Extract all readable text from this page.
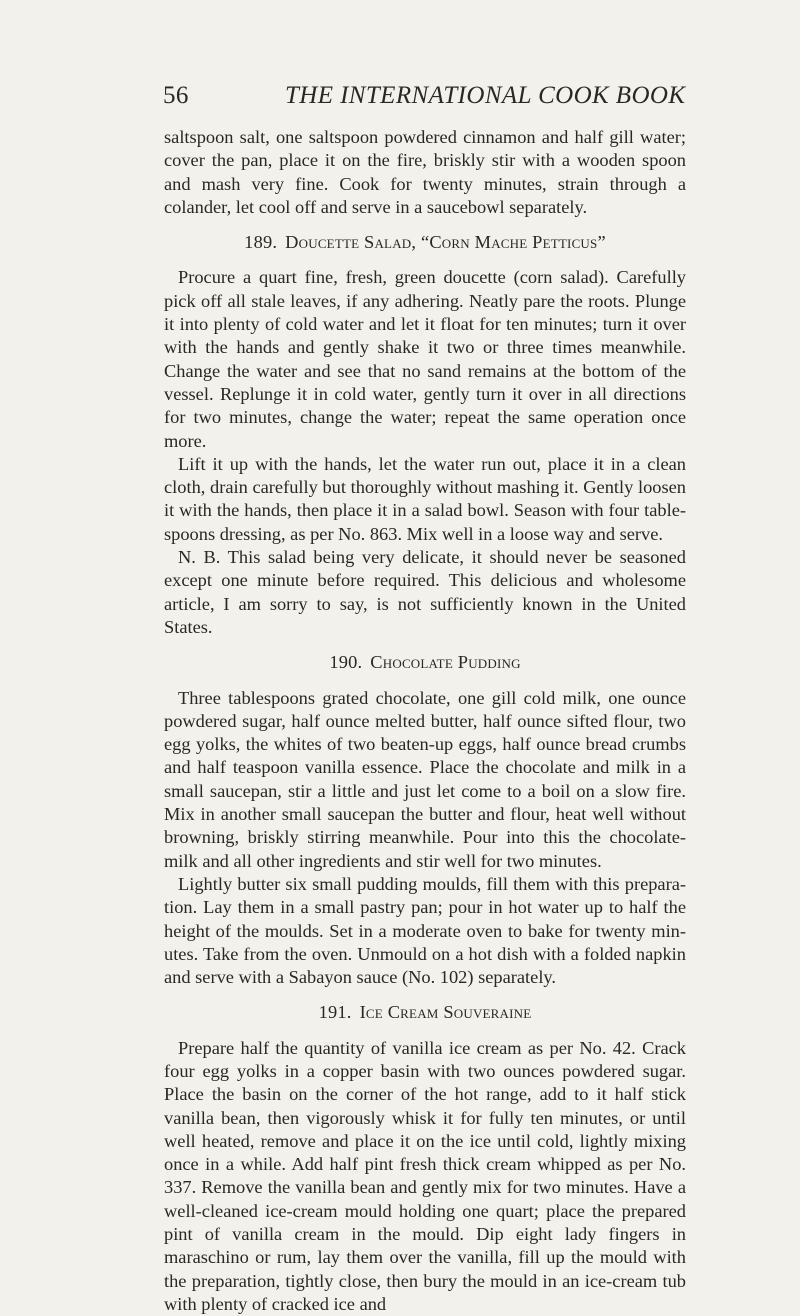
56	THE INTERNATIONAL COOK BOOK

saltspoon salt, one saltspoon powdered cinnamon and half gill water; cover the pan, place it on the fire, briskly stir with a wooden spoon and mash very fine. Cook for twenty minutes, strain through a colander, let cool off and serve in a saucebowl separately.

189. Doucette Salad, “Corn Mache Petticus”

Procure a quart fine, fresh, green doucette (corn salad). Carefully pick off all stale leaves, if any adhering. Neatly pare the roots. Plunge it into plenty of cold water and let it float for ten minutes; turn it over with the hands and gently shake it two or three times meanwhile. Change the water and see that no sand remains at the bottom of the vessel. Replunge it in cold water, gently turn it over in all directions for two minutes, change the water; repeat the same operation once more.

Lift it up with the hands, let the water run out, place it in a clean cloth, drain carefully but thoroughly without mashing it. Gently loosen it with the hands, then place it in a salad bowl. Season with four table-spoons dressing, as per No. 863. Mix well in a loose way and serve.

N. B. This salad being very delicate, it should never be seasoned except one minute before required. This delicious and wholesome article, I am sorry to say, is not sufficiently known in the United States.

190. Chocolate Pudding

Three tablespoons grated chocolate, one gill cold milk, one ounce powdered sugar, half ounce melted butter, half ounce sifted flour, two egg yolks, the whites of two beaten-up eggs, half ounce bread crumbs and half teaspoon vanilla essence. Place the chocolate and milk in a small saucepan, stir a little and just let come to a boil on a slow fire. Mix in another small saucepan the butter and flour, heat well without browning, briskly stirring meanwhile. Pour into this the chocolate-milk and all other ingredients and stir well for two minutes.

Lightly butter six small pudding moulds, fill them with this prepara-tion. Lay them in a small pastry pan; pour in hot water up to half the height of the moulds. Set in a moderate oven to bake for twenty min-utes. Take from the oven. Unmould on a hot dish with a folded napkin and serve with a Sabayon sauce (No. 102) separately.

191. Ice Cream Souveraine

Prepare half the quantity of vanilla ice cream as per No. 42. Crack four egg yolks in a copper basin with two ounces powdered sugar. Place the basin on the corner of the hot range, add to it half stick vanilla bean, then vigorously whisk it for fully ten minutes, or until well heated, remove and place it on the ice until cold, lightly mixing once in a while. Add half pint fresh thick cream whipped as per No. 337. Remove the vanilla bean and gently mix for two minutes. Have a well-cleaned ice-cream mould holding one quart; place the prepared pint of vanilla cream in the mould. Dip eight lady fingers in maraschino or rum, lay them over the vanilla, fill up the mould with the preparation, tightly close, then bury the mould in an ice-cream tub with plenty of cracked ice and
